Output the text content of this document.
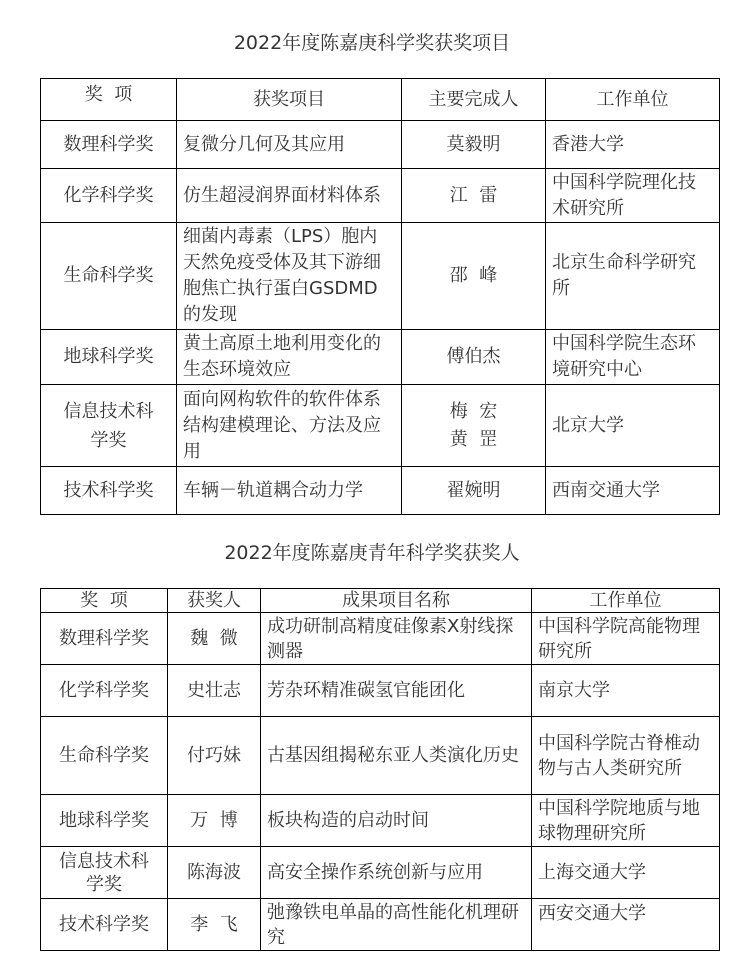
2022年度陈嘉庚科学奖获奖项目
奖  项	获奖项目	主要完成人	工作单位
数理科学奖	复微分几何及其应用	莫毅明	香港大学
化学科学奖	仿生超浸润界面材料体系	江  雷	中国科学院理化技术研究所
生命科学奖	细菌内毒素（LPS）胞内天然免疫受体及其下游细胞焦亡执行蛋白GSDMD的发现	邵  峰	北京生命科学研究所
地球科学奖	黄土高原土地利用变化的生态环境效应	傅伯杰	中国科学院生态环境研究中心
信息技术科学奖	面向网构软件的软件体系结构建模理论、方法及应用	梅  宏 黄  罡	北京大学
技术科学奖	车辆－轨道耦合动力学	翟婉明	西南交通大学
2022年度陈嘉庚青年科学奖获奖人
奖  项	获奖人	成果项目名称	工作单位
数理科学奖	魏  微	成功研制高精度硅像素X射线探测器	中国科学院高能物理研究所
化学科学奖	史壮志	芳杂环精准碳氢官能团化	南京大学
生命科学奖	付巧妹	古基因组揭秘东亚人类演化历史	中国科学院古脊椎动物与古人类研究所
地球科学奖	万  博	板块构造的启动时间	中国科学院地质与地球物理研究所
信息技术科学奖	陈海波	高安全操作系统创新与应用	上海交通大学
技术科学奖	李  飞	弛豫铁电单晶的高性能化机理研究	西安交通大学
